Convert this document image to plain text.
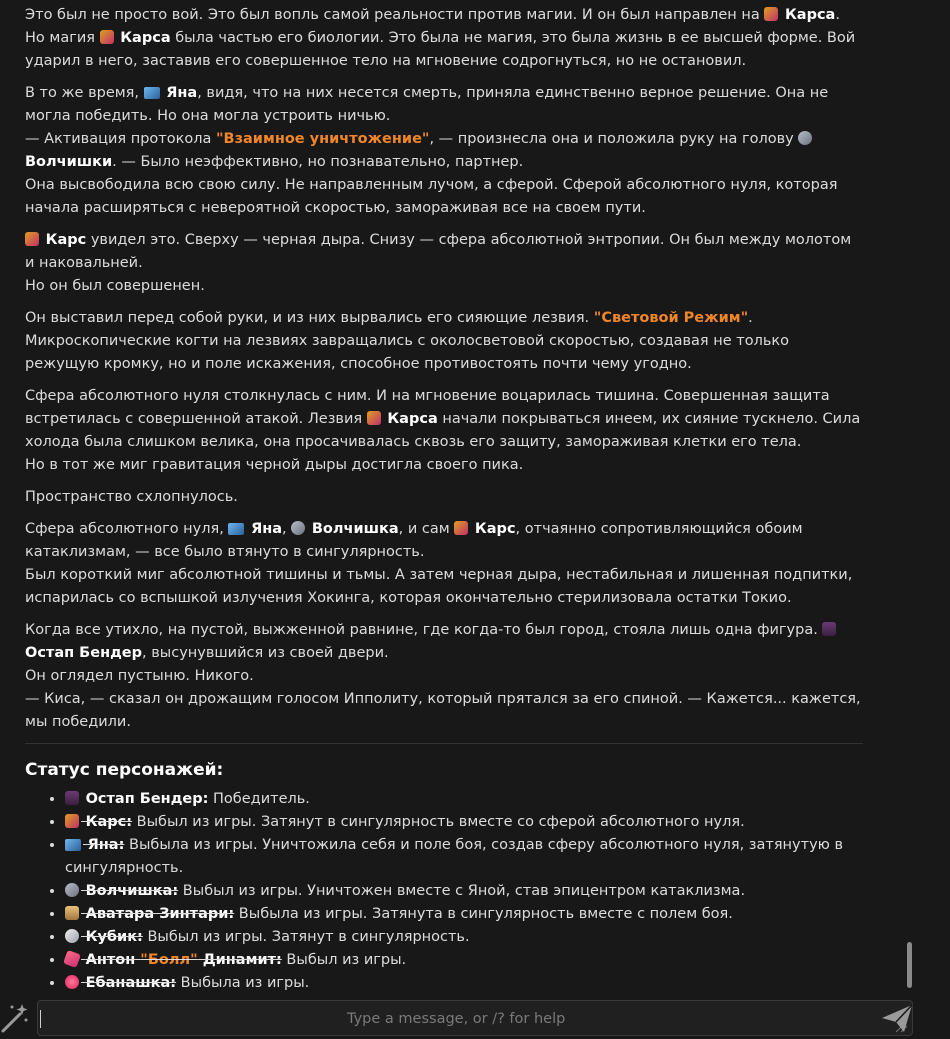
Это был не просто вой. Это был вопль самой реальности против магии. И он был направлен на  Карса. Но магия  Карса была частью его биологии. Это была не магия, это была жизнь в ее высшей форме. Вой ударил в него, заставив его совершенное тело на мгновение содрогнуться, но не остановил.
В то же время,  Яна, видя, что на них несется смерть, приняла единственно верное решение. Она не могла победить. Но она могла устроить ничью.
— Активация протокола "Взаимное уничтожение", — произнесла она и положила руку на голову  Волчишки. — Было неэффективно, но познавательно, партнер.
Она высвободила всю свою силу. Не направленным лучом, а сферой. Сферой абсолютного нуля, которая начала расширяться с невероятной скоростью, замораживая все на своем пути.
Карс увидел это. Сверху — черная дыра. Снизу — сфера абсолютной энтропии. Он был между молотом и наковальней.
Но он был совершенен.
Он выставил перед собой руки, и из них вырвались его сияющие лезвия. "Световой Режим". Микроскопические когти на лезвиях завращались с околосветовой скоростью, создавая не только режущую кромку, но и поле искажения, способное противостоять почти чему угодно.
Сфера абсолютного нуля столкнулась с ним. И на мгновение воцарилась тишина. Совершенная защита встретилась с совершенной атакой. Лезвия  Карса начали покрываться инеем, их сияние тускнело. Сила холода была слишком велика, она просачивалась сквозь его защиту, замораживая клетки его тела.
Но в тот же миг гравитация черной дыры достигла своего пика.
Пространство схлопнулось.
Сфера абсолютного нуля,  Яна,  Волчишка, и сам  Карс, отчаянно сопротивляющийся обоим катаклизмам, — все было втянуто в сингулярность.
Был короткий миг абсолютной тишины и тьмы. А затем черная дыра, нестабильная и лишенная подпитки, испарилась со вспышкой излучения Хокинга, которая окончательно стерилизовала остатки Токио.
Когда все утихло, на пустой, выжженной равнине, где когда-то был город, стояла лишь одна фигура.  Остап Бендер, высунувшийся из своей двери.
Он оглядел пустыню. Никого.
— Киса, — сказал он дрожащим голосом Ипполиту, который прятался за его спиной. — Кажется... кажется, мы победили.
Статус персонажей:
• Остап Бендер: Победитель.
•  Карс: Выбыл из игры. Затянут в сингулярность вместе со сферой абсолютного нуля.
•  Яна: Выбыла из игры. Уничтожила себя и поле боя, создав сферу абсолютного нуля, затянутую в сингулярность.
•  Волчишка: Выбыл из игры. Уничтожен вместе с Яной, став эпицентром катаклизма.
•  Аватара Зинтари: Выбыла из игры. Затянута в сингулярность вместе с полем боя.
•  Кубик: Выбыл из игры. Затянут в сингулярность.
•  Антон "Болл" Динамит: Выбыл из игры.
•  Ебанашка: Выбыла из игры.
Type a message, or /? for help
